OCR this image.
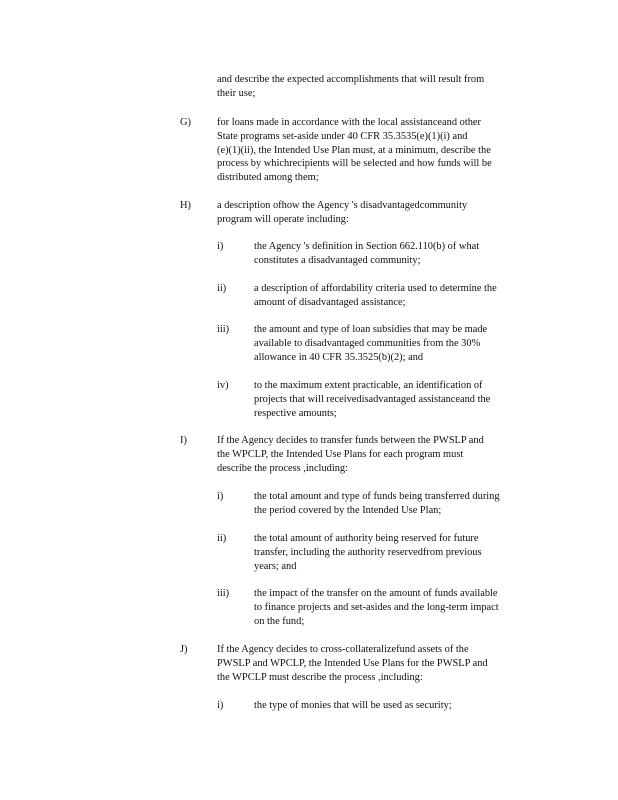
and describe the expected accomplishments that will result from
their use;
G)	for loans made in accordance with the local assistanceand other
State programs set-aside under 40 CFR 35.3535(e)(1)(i) and
(e)(1)(ii), the Intended Use Plan must, at a minimum, describe the
process by whichrecipients will be selected and how funds will be
distributed among them;
H)	a description ofhow the Agency 's disadvantagedcommunity
program will operate including:
i)	the Agency 's definition in Section 662.110(b) of what
constitutes a disadvantaged community;
ii)	a description of affordability criteria used to determine the
amount of disadvantaged assistance;
iii) the amount and type of loan subsidies that may be made
available to disadvantaged communities from the 30%
allowance in 40 CFR 35.3525(b)(2); and
iv) to the maximum extent practicable, an identification of
projects that will receivedisadvantaged assistanceand the
respective amounts;
I)	If the Agency decides to transfer funds between the PWSLP and
the WPCLP, the Intended Use Plans for each program must
describe the process ,including:
i)	the total amount and type of funds being transferred during
the period covered by the Intended Use Plan;
ii)	the total amount of authority being reserved for future
transfer, including the authority reservedfrom previous
years; and
iii) the impact of the transfer on the amount of funds available
to finance projects and set-asides and the long-term impact
on the fund;
J)	If the Agency decides to cross-collateralizefund assets of the
PWSLP and WPCLP, the Intended Use Plans for the PWSLP and
the WPCLP must describe the process ,including:
i)	the type of monies that will be used as security;
